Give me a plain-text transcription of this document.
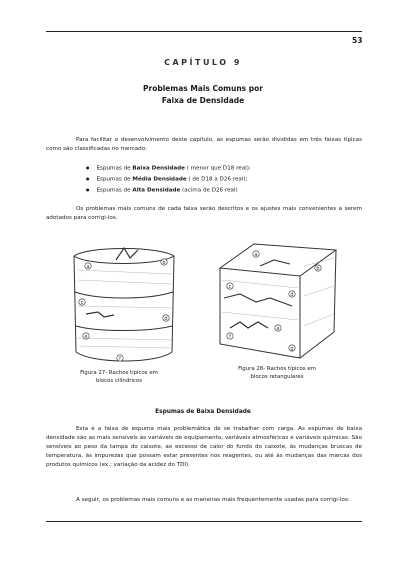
53
CAPÍTULO 9
Problemas Mais Comuns por
Faixa de Densidade
Para facilitar o desenvolvimento deste capítulo, as espumas serão divididas em três faixas típicas como são classificadas no mercado:
● Espumas de Baixa Densidade ( menor que D18 real);
● Espumas de Média Densidade ( de D18 a D26 real);
● Espumas de Alta Densidade (acima de D26 real)
Os problemas mais comuns de cada faixa serão descritos e os ajustes mais convenientes a serem adotados para corrigi-los.
a
b
c
d
e
f
Figura 27- Rachos típicos em
blocos cilíndricos
a
b
c
d
e
f
g
Figura 28- Rachos típicos em
blocos retangulares
Espumas de Baixa Densidade
Esta é a faixa de espuma mais problemática de se trabalhar com carga. As espumas de baixa densidade são as mais sensíveis às variáveis de equipamento, variáveis atmosféricas e variáveis químicas. São sensíveis ao peso da tampa do caixote, ao excesso de calor do fundo do caixote, às mudanças bruscas de temperatura, às impurezas que possam estar presentes nos reagentes, ou até às mudanças das marcas dos produtos químicos (ex.: variação da acidez do TDI).
A seguir, os problemas mais comuns e as maneiras mais frequentemente usadas para corrigi-los:
